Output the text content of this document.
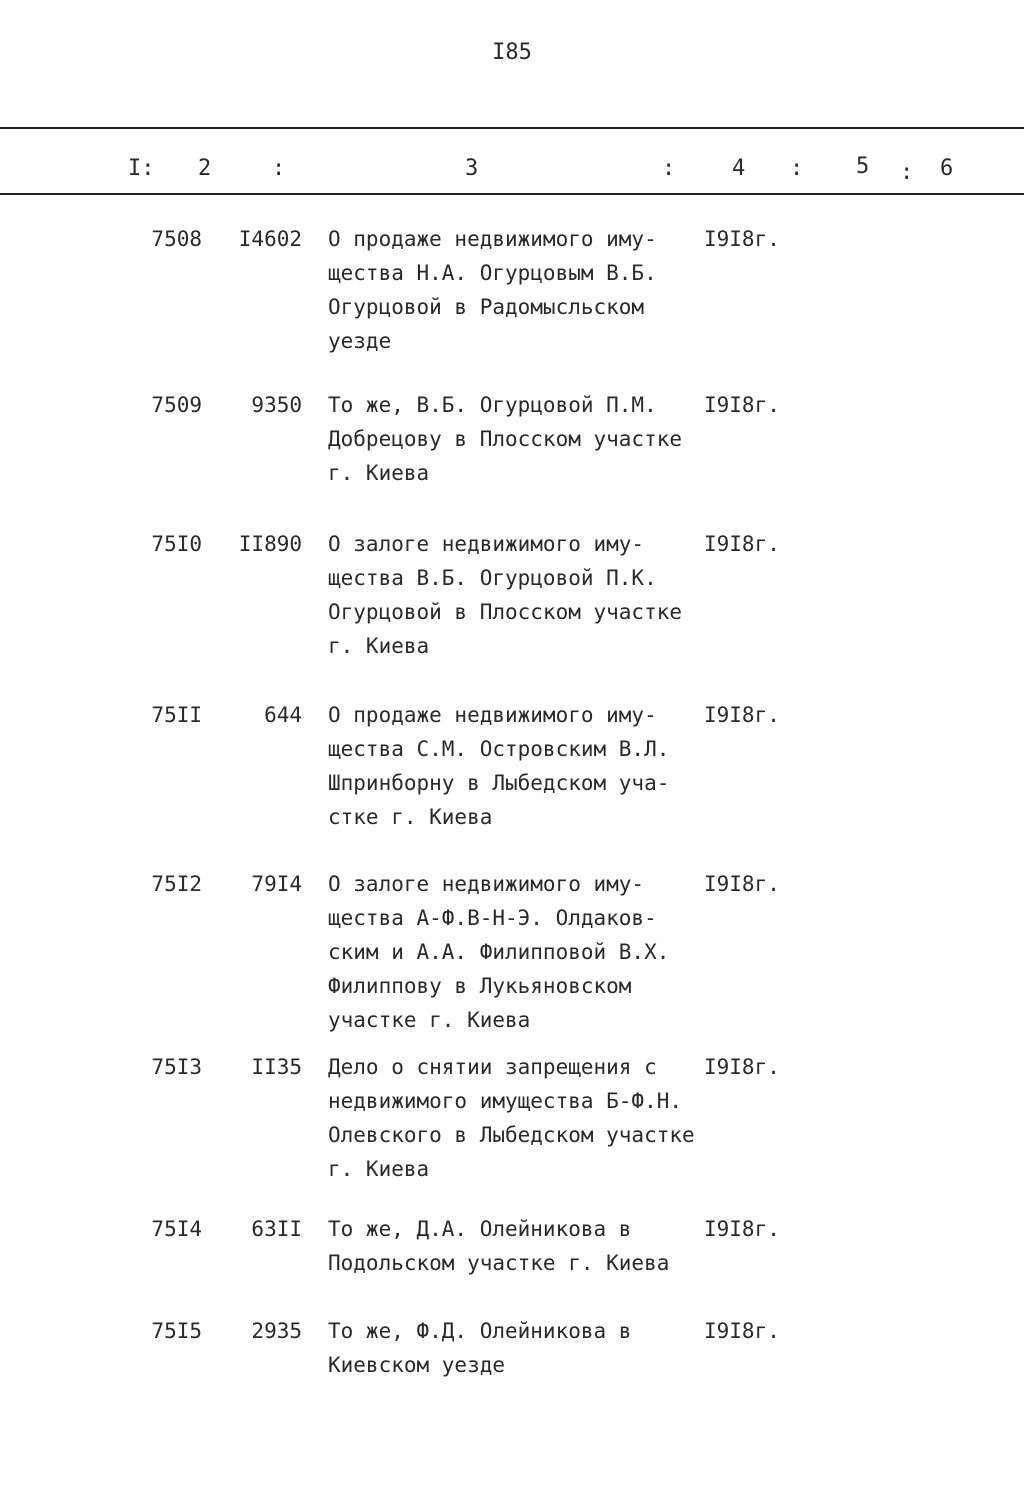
I85
I: 2	:	3	:	4 : 5 : 6
7508	I4602 О продаже недвижимого иму-
щества Н.А. Огурцовым В.Б.
Огурцовой в Радомысльском
уезде
I9I8г.
7509	9350 То же, В.Б. Огурцовой П.М.
Добрецову в Плосском участке
г. Киева
I9I8г.
75I0	II890 О залоге недвижимого иму-
щества В.Б. Огурцовой П.К.
Огурцовой в Плосском участке
г. Киева
I9I8г.
75II	644 О продаже недвижимого иму-
щества С.М. Островским В.Л.
Шпринборну в Лыбедском уча-
стке г. Киева
I9I8г.
75I2	79I4 О залоге недвижимого иму-
щества А-Ф.В-Н-Э. Олдаков-
ским и А.А. Филипповой В.Х.
Филиппову в Лукьяновском
участке г. Киева
I9I8г.
75I3	II35 Дело о снятии запрещения с
недвижимого имущества Б-Ф.Н.
Олевского в Лыбедском участке
г. Киева
I9I8г.
75I4	63II То же, Д.А. Олейникова в
Подольском участке г. Киева
I9I8г.
75I5	2935 То же, Ф.Д. Олейникова в
Киевском уезде
I9I8г.
